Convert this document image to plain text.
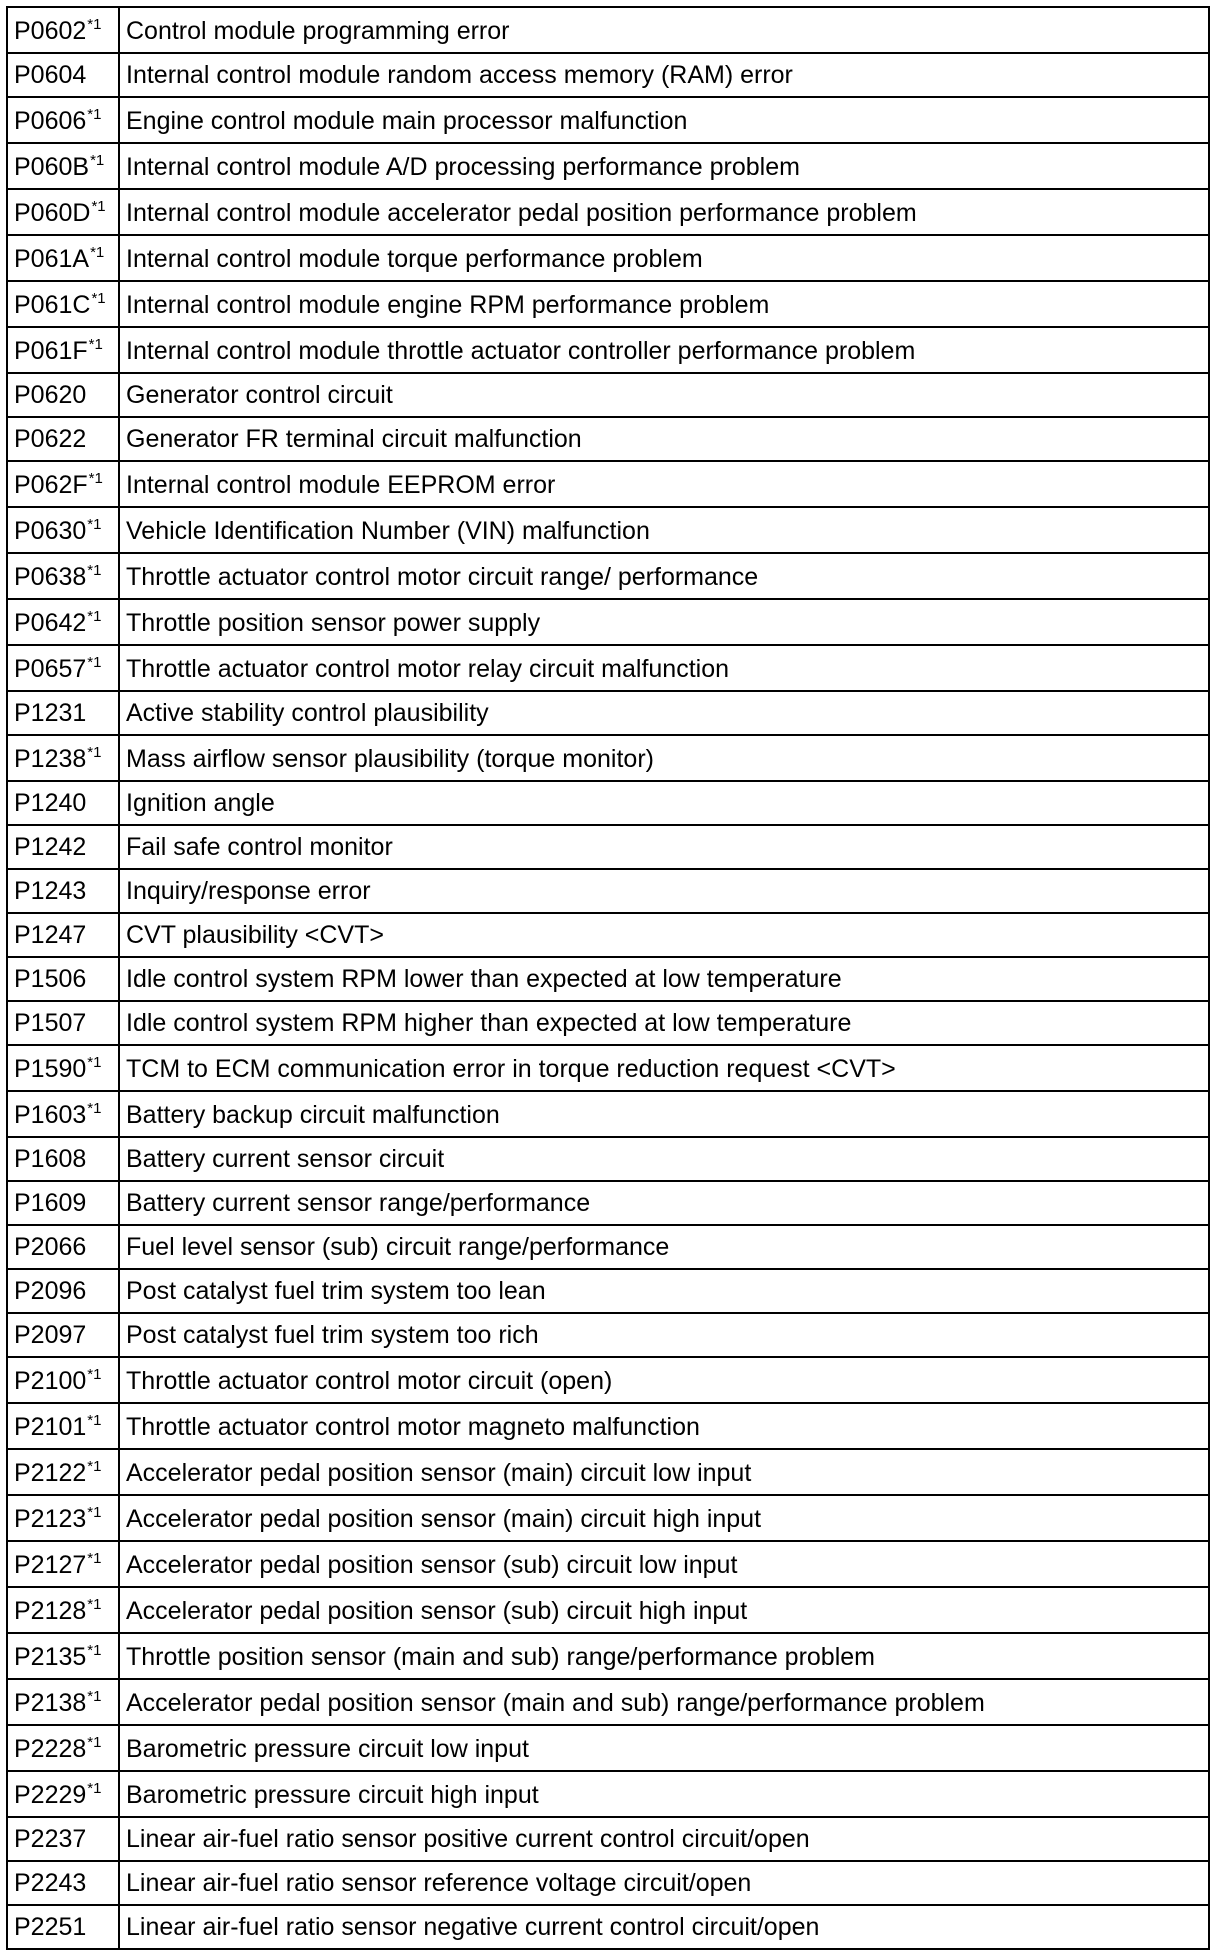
P0602$^{*1}$	Control module programming error
P0604	Internal control module random access memory (RAM) error
P0606$^{*1}$	Engine control module main processor malfunction
P060B$^{*1}$	Internal control module A/D processing performance problem
P060D$^{*1}$	Internal control module accelerator pedal position performance problem
P061A$^{*1}$	Internal control module torque performance problem
P061C$^{*1}$	Internal control module engine RPM performance problem
P061F$^{*1}$	Internal control module throttle actuator controller performance problem
P0620	Generator control circuit
P0622	Generator FR terminal circuit malfunction
P062F$^{*1}$	Internal control module EEPROM error
P0630$^{*1}$	Vehicle Identification Number (VIN) malfunction
P0638$^{*1}$	Throttle actuator control motor circuit range/ performance
P0642$^{*1}$	Throttle position sensor power supply
P0657$^{*1}$	Throttle actuator control motor relay circuit malfunction
P1231	Active stability control plausibility
P1238$^{*1}$	Mass airflow sensor plausibility (torque monitor)
P1240	Ignition angle
P1242	Fail safe control monitor
P1243	Inquiry/response error
P1247	CVT plausibility <CVT>
P1506	Idle control system RPM lower than expected at low temperature
P1507	Idle control system RPM higher than expected at low temperature
P1590$^{*1}$	TCM to ECM communication error in torque reduction request <CVT>
P1603$^{*1}$	Battery backup circuit malfunction
P1608	Battery current sensor circuit
P1609	Battery current sensor range/performance
P2066	Fuel level sensor (sub) circuit range/performance
P2096	Post catalyst fuel trim system too lean
P2097	Post catalyst fuel trim system too rich
P2100$^{*1}$	Throttle actuator control motor circuit (open)
P2101$^{*1}$	Throttle actuator control motor magneto malfunction
P2122$^{*1}$	Accelerator pedal position sensor (main) circuit low input
P2123$^{*1}$	Accelerator pedal position sensor (main) circuit high input
P2127$^{*1}$	Accelerator pedal position sensor (sub) circuit low input
P2128$^{*1}$	Accelerator pedal position sensor (sub) circuit high input
P2135$^{*1}$	Throttle position sensor (main and sub) range/performance problem
P2138$^{*1}$	Accelerator pedal position sensor (main and sub) range/performance problem
P2228$^{*1}$	Barometric pressure circuit low input
P2229$^{*1}$	Barometric pressure circuit high input
P2237	Linear air-fuel ratio sensor positive current control circuit/open
P2243	Linear air-fuel ratio sensor reference voltage circuit/open
P2251	Linear air-fuel ratio sensor negative current control circuit/open
